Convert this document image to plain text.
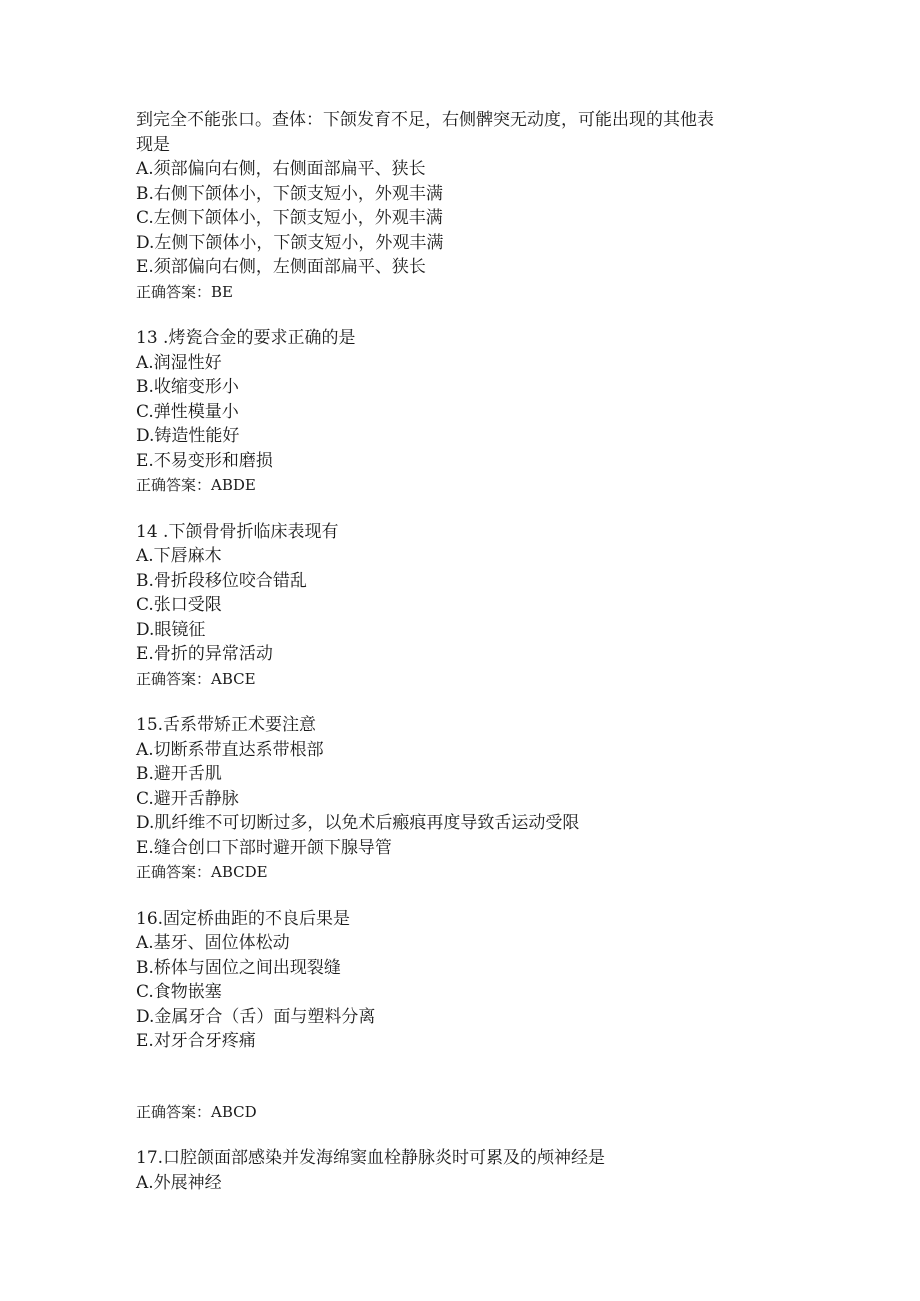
到完全不能张口。查体：下颌发育不足，右侧髀突无动度，可能出现的其他表
现是
A.须部偏向右侧，右侧面部扁平、狭长
B.右侧下颌体小，下颌支短小，外观丰满
C.左侧下颌体小，下颌支短小，外观丰满
D.左侧下颌体小，下颌支短小，外观丰满
E.须部偏向右侧，左侧面部扁平、狭长
正确答案：BE
13 .烤瓷合金的要求正确的是
A.润湿性好
B.收缩变形小
C.弹性模量小
D.铸造性能好
E.不易变形和磨损
正确答案：ABDE
14 .下颌骨骨折临床表现有
A.下唇麻木
B.骨折段移位咬合错乱
C.张口受限
D.眼镜征
E.骨折的异常活动
正确答案：ABCE
15.舌系带矫正术要注意
A.切断系带直达系带根部
B.避开舌肌
C.避开舌静脉
D.肌纤维不可切断过多，以免术后瘢痕再度导致舌运动受限
E.缝合创口下部时避开颌下腺导管
正确答案：ABCDE
16.固定桥曲距的不良后果是
A.基牙、固位体松动
B.桥体与固位之间出现裂缝
C.食物嵌塞
D.金属牙合（舌）面与塑料分离
E.对牙合牙疼痛
正确答案：ABCD
17.口腔颌面部感染并发海绵窦血栓静脉炎时可累及的颅神经是
A.外展神经
